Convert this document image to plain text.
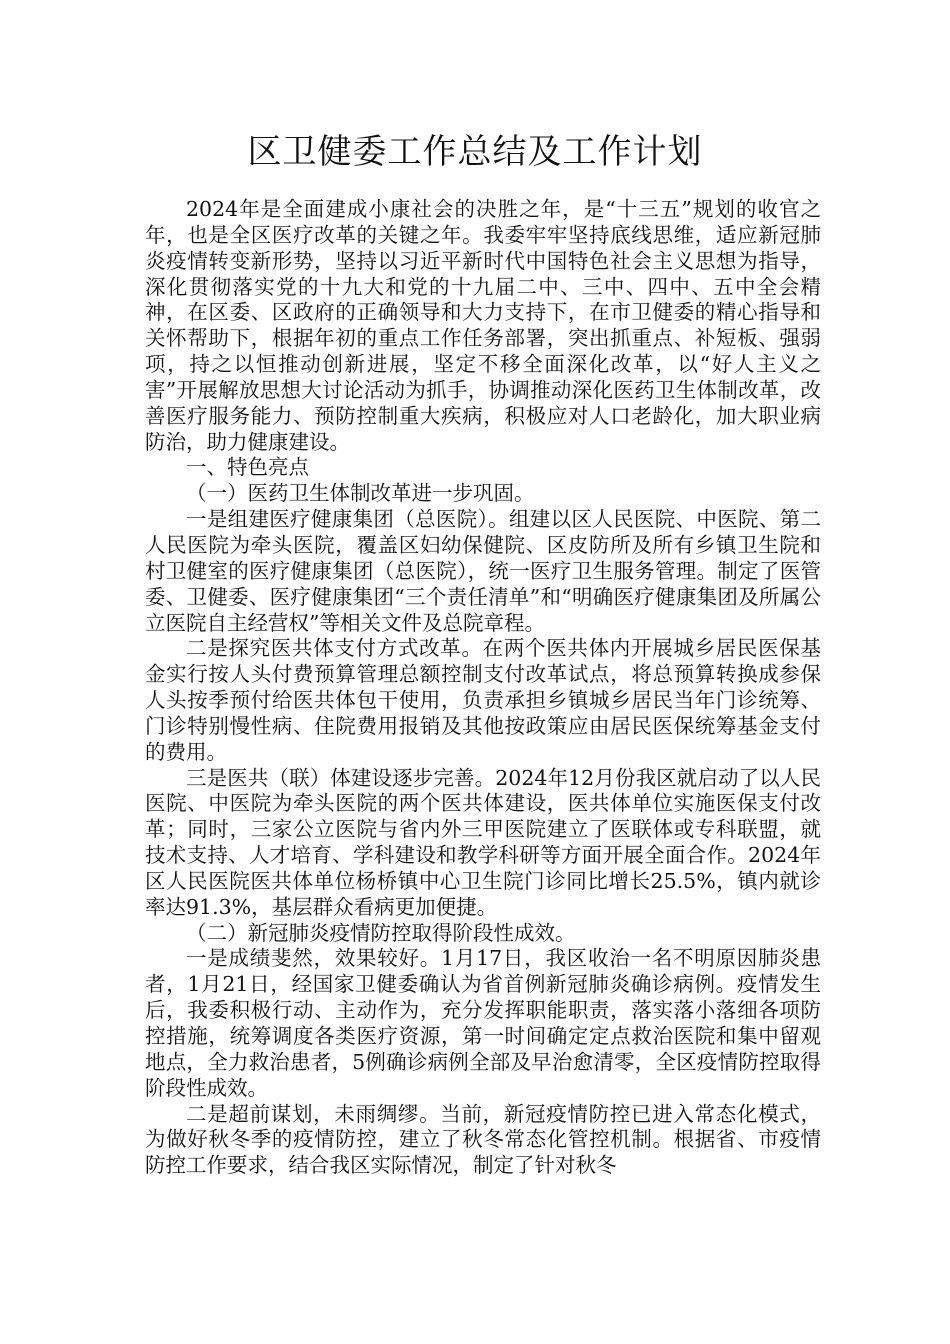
区卫健委工作总结及工作计划

2024年是全面建成小康社会的决胜之年，是“十三五”规划的收官之年，也是全区医疗改革的关键之年。我委牢牢坚持底线思维，适应新冠肺炎疫情转变新形势，坚持以习近平新时代中国特色社会主义思想为指导，深化贯彻落实党的十九大和党的十九届二中、三中、四中、五中全会精神，在区委、区政府的正确领导和大力支持下，在市卫健委的精心指导和关怀帮助下，根据年初的重点工作任务部署，突出抓重点、补短板、强弱项，持之以恒推动创新进展，坚定不移全面深化改革，以“好人主义之害”开展解放思想大讨论活动为抓手，协调推动深化医药卫生体制改革，改善医疗服务能力、预防控制重大疾病，积极应对人口老龄化，加大职业病防治，助力健康建设。

一、特色亮点

（一）医药卫生体制改革进一步巩固。

一是组建医疗健康集团（总医院）。组建以区人民医院、中医院、第二人民医院为牵头医院，覆盖区妇幼保健院、区皮防所及所有乡镇卫生院和村卫健室的医疗健康集团（总医院），统一医疗卫生服务管理。制定了医管委、卫健委、医疗健康集团“三个责任清单”和“明确医疗健康集团及所属公立医院自主经营权”等相关文件及总院章程。

二是探究医共体支付方式改革。在两个医共体内开展城乡居民医保基金实行按人头付费预算管理总额控制支付改革试点，将总预算转换成参保人头按季预付给医共体包干使用，负责承担乡镇城乡居民当年门诊统筹、门诊特别慢性病、住院费用报销及其他按政策应由居民医保统筹基金支付的费用。

三是医共（联）体建设逐步完善。2024年12月份我区就启动了以人民医院、中医院为牵头医院的两个医共体建设，医共体单位实施医保支付改革；同时，三家公立医院与省内外三甲医院建立了医联体或专科联盟，就技术支持、人才培育、学科建设和教学科研等方面开展全面合作。2024年区人民医院医共体单位杨桥镇中心卫生院门诊同比增长25.5%，镇内就诊率达91.3%，基层群众看病更加便捷。

（二）新冠肺炎疫情防控取得阶段性成效。

一是成绩斐然，效果较好。1月17日，我区收治一名不明原因肺炎患者，1月21日，经国家卫健委确认为省首例新冠肺炎确诊病例。疫情发生后，我委积极行动、主动作为，充分发挥职能职责，落实落小落细各项防控措施，统筹调度各类医疗资源，第一时间确定定点救治医院和集中留观地点，全力救治患者，5例确诊病例全部及早治愈清零，全区疫情防控取得阶段性成效。

二是超前谋划，未雨绸缪。当前，新冠疫情防控已进入常态化模式，为做好秋冬季的疫情防控，建立了秋冬常态化管控机制。根据省、市疫情防控工作要求，结合我区实际情况，制定了针对秋冬
